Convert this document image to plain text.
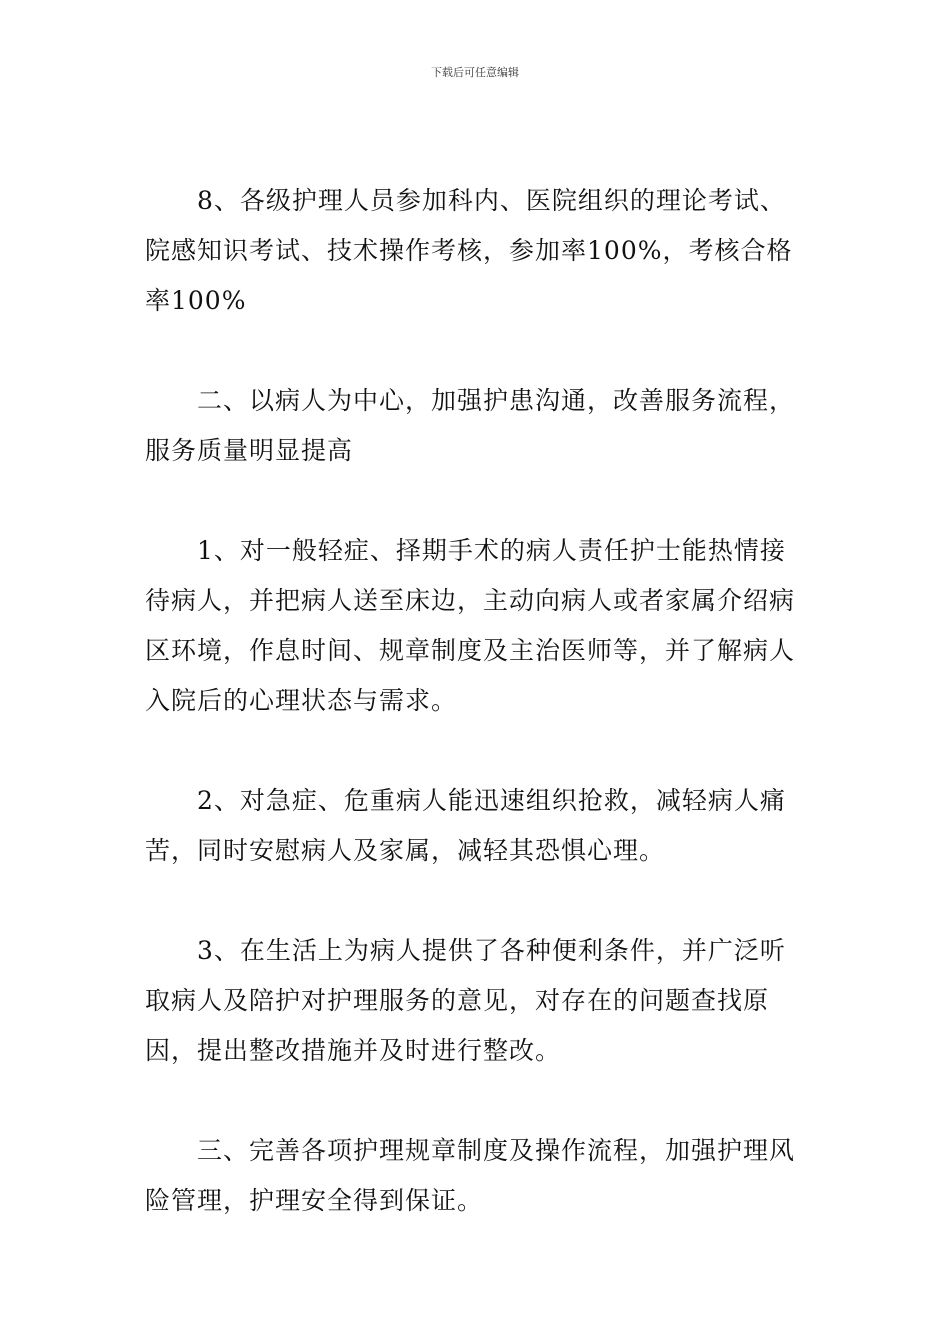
下载后可任意编辑

8、各级护理人员参加科内、医院组织的理论考试、院感知识考试、技术操作考核，参加率100%，考核合格率100%

二、以病人为中心，加强护患沟通，改善服务流程，服务质量明显提高

1、对一般轻症、择期手术的病人责任护士能热情接待病人，并把病人送至床边，主动向病人或者家属介绍病区环境，作息时间、规章制度及主治医师等，并了解病人入院后的心理状态与需求。

2、对急症、危重病人能迅速组织抢救，减轻病人痛苦，同时安慰病人及家属，减轻其恐惧心理。

3、在生活上为病人提供了各种便利条件，并广泛听取病人及陪护对护理服务的意见，对存在的问题查找原因，提出整改措施并及时进行整改。

三、完善各项护理规章制度及操作流程，加强护理风险管理，护理安全得到保证。
